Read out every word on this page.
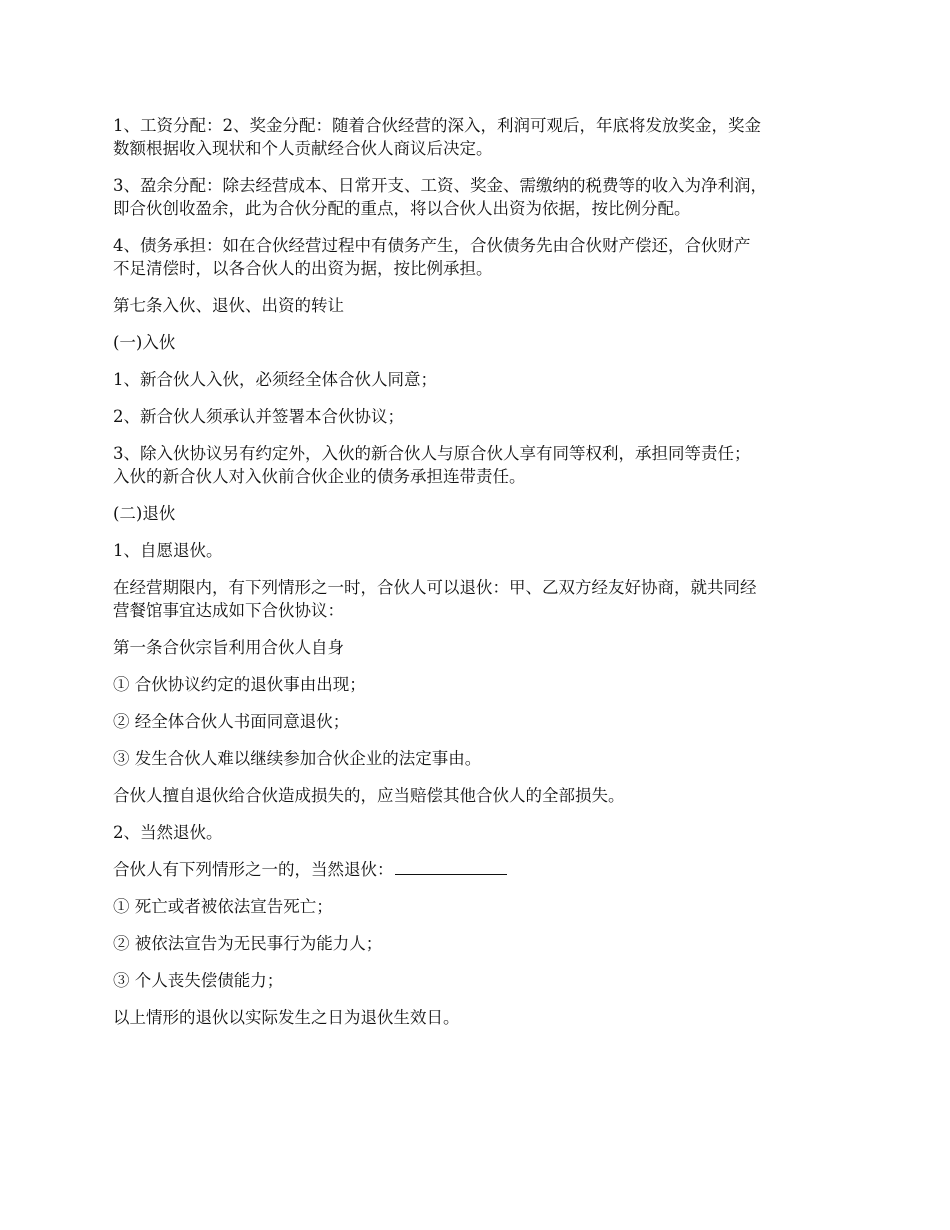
1、工资分配：2、奖金分配：随着合伙经营的深入，利润可观后，年底将发放奖金，奖金
数额根据收入现状和个人贡献经合伙人商议后决定。

3、盈余分配：除去经营成本、日常开支、工资、奖金、需缴纳的税费等的收入为净利润，
即合伙创收盈余，此为合伙分配的重点，将以合伙人出资为依据，按比例分配。

4、债务承担：如在合伙经营过程中有债务产生，合伙债务先由合伙财产偿还，合伙财产
不足清偿时，以各合伙人的出资为据，按比例承担。

第七条入伙、退伙、出资的转让

(一)入伙

1、新合伙人入伙，必须经全体合伙人同意；

2、新合伙人须承认并签署本合伙协议；

3、除入伙协议另有约定外，入伙的新合伙人与原合伙人享有同等权利，承担同等责任；
入伙的新合伙人对入伙前合伙企业的债务承担连带责任。

(二)退伙

1、自愿退伙。

在经营期限内，有下列情形之一时，合伙人可以退伙：甲、乙双方经友好协商，就共同经
营餐馆事宜达成如下合伙协议：

第一条合伙宗旨利用合伙人自身

① 合伙协议约定的退伙事由出现；

② 经全体合伙人书面同意退伙；

③ 发生合伙人难以继续参加合伙企业的法定事由。

合伙人擅自退伙给合伙造成损失的，应当赔偿其他合伙人的全部损失。

2、当然退伙。

合伙人有下列情形之一的，当然退伙：

① 死亡或者被依法宣告死亡；

② 被依法宣告为无民事行为能力人；

③ 个人丧失偿债能力；

以上情形的退伙以实际发生之日为退伙生效日。
